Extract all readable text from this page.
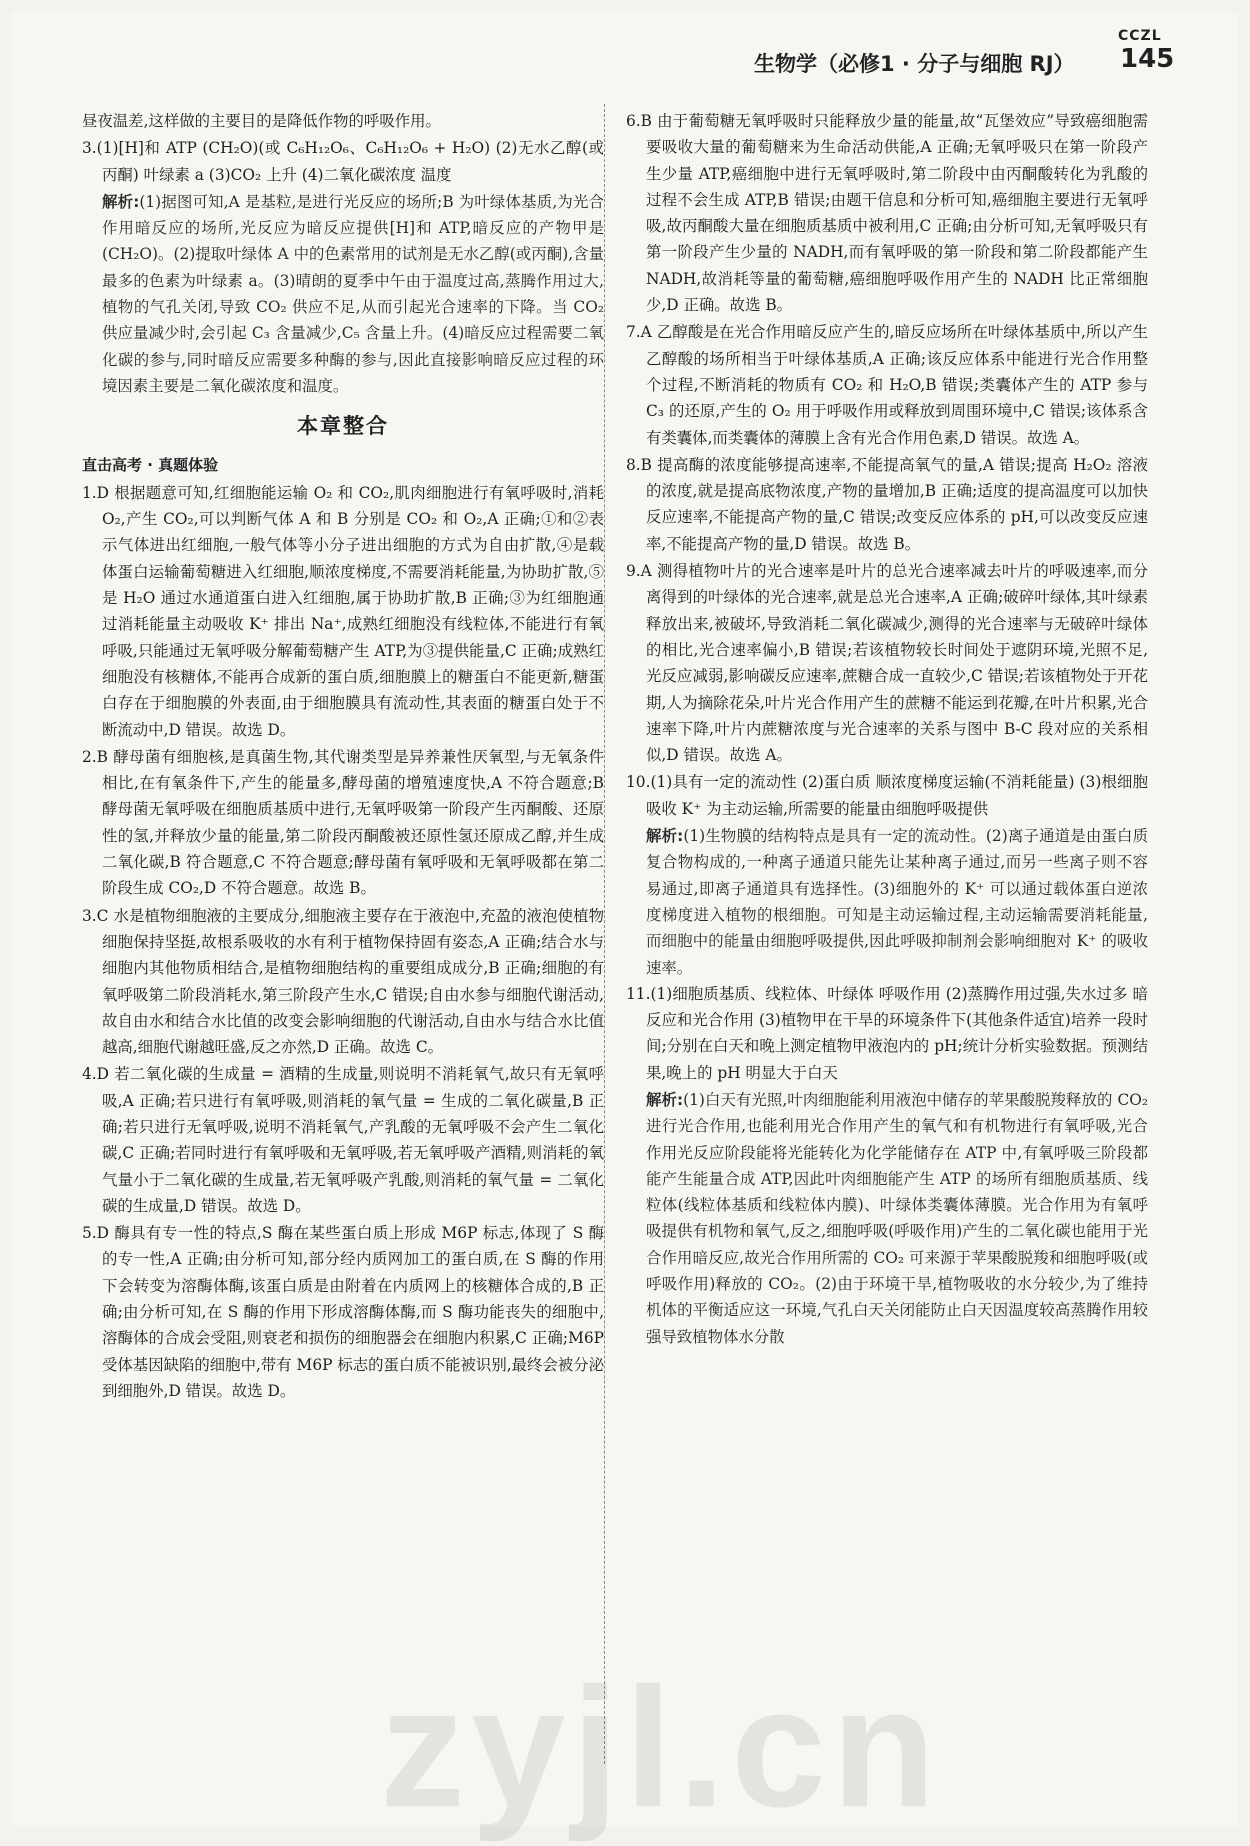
CCZL
生物学（必修1 · 分子与细胞 RJ） 145
昼夜温差,这样做的主要目的是降低作物的呼吸作用。
3.(1)[H]和 ATP (CH₂O)(或 C₆H₁₂O₆、C₆H₁₂O₆ + H₂O) (2)无水乙醇(或丙酮) 叶绿素 a (3)CO₂ 上升 (4)二氧化碳浓度 温度
解析:(1)据图可知,A 是基粒,是进行光反应的场所;B 为叶绿体基质,为光合作用暗反应的场所,光反应为暗反应提供[H]和 ATP,暗反应的产物甲是(CH₂O)。(2)提取叶绿体 A 中的色素常用的试剂是无水乙醇(或丙酮),含量最多的色素为叶绿素 a。(3)晴朗的夏季中午由于温度过高,蒸腾作用过大,植物的气孔关闭,导致 CO₂ 供应不足,从而引起光合速率的下降。当 CO₂ 供应量减少时,会引起 C₃ 含量减少,C₅ 含量上升。(4)暗反应过程需要二氧化碳的参与,同时暗反应需要多种酶的参与,因此直接影响暗反应过程的环境因素主要是二氧化碳浓度和温度。
本章整合
直击高考 · 真题体验
1.D 根据题意可知,红细胞能运输 O₂ 和 CO₂,肌肉细胞进行有氧呼吸时,消耗 O₂,产生 CO₂,可以判断气体 A 和 B 分别是 CO₂ 和 O₂,A 正确;①和②表示气体进出红细胞,一般气体等小分子进出细胞的方式为自由扩散,④是载体蛋白运输葡萄糖进入红细胞,顺浓度梯度,不需要消耗能量,为协助扩散,⑤是 H₂O 通过水通道蛋白进入红细胞,属于协助扩散,B 正确;③为红细胞通过消耗能量主动吸收 K⁺ 排出 Na⁺,成熟红细胞没有线粒体,不能进行有氧呼吸,只能通过无氧呼吸分解葡萄糖产生 ATP,为③提供能量,C 正确;成熟红细胞没有核糖体,不能再合成新的蛋白质,细胞膜上的糖蛋白不能更新,糖蛋白存在于细胞膜的外表面,由于细胞膜具有流动性,其表面的糖蛋白处于不断流动中,D 错误。故选 D。
2.B 酵母菌有细胞核,是真菌生物,其代谢类型是异养兼性厌氧型,与无氧条件相比,在有氧条件下,产生的能量多,酵母菌的增殖速度快,A 不符合题意;B 酵母菌无氧呼吸在细胞质基质中进行,无氧呼吸第一阶段产生丙酮酸、还原性的氢,并释放少量的能量,第二阶段丙酮酸被还原性氢还原成乙醇,并生成二氧化碳,B 符合题意,C 不符合题意;酵母菌有氧呼吸和无氧呼吸都在第二阶段生成 CO₂,D 不符合题意。故选 B。
3.C 水是植物细胞液的主要成分,细胞液主要存在于液泡中,充盈的液泡使植物细胞保持坚挺,故根系吸收的水有利于植物保持固有姿态,A 正确;结合水与细胞内其他物质相结合,是植物细胞结构的重要组成成分,B 正确;细胞的有氧呼吸第二阶段消耗水,第三阶段产生水,C 错误;自由水参与细胞代谢活动,故自由水和结合水比值的改变会影响细胞的代谢活动,自由水与结合水比值越高,细胞代谢越旺盛,反之亦然,D 正确。故选 C。
4.D 若二氧化碳的生成量 = 酒精的生成量,则说明不消耗氧气,故只有无氧呼吸,A 正确;若只进行有氧呼吸,则消耗的氧气量 = 生成的二氧化碳量,B 正确;若只进行无氧呼吸,说明不消耗氧气,产乳酸的无氧呼吸不会产生二氧化碳,C 正确;若同时进行有氧呼吸和无氧呼吸,若无氧呼吸产酒精,则消耗的氧气量小于二氧化碳的生成量,若无氧呼吸产乳酸,则消耗的氧气量 = 二氧化碳的生成量,D 错误。故选 D。
5.D 酶具有专一性的特点,S 酶在某些蛋白质上形成 M6P 标志,体现了 S 酶的专一性,A 正确;由分析可知,部分经内质网加工的蛋白质,在 S 酶的作用下会转变为溶酶体酶,该蛋白质是由附着在内质网上的核糖体合成的,B 正确;由分析可知,在 S 酶的作用下形成溶酶体酶,而 S 酶功能丧失的细胞中,溶酶体的合成会受阻,则衰老和损伤的细胞器会在细胞内积累,C 正确;M6P 受体基因缺陷的细胞中,带有 M6P 标志的蛋白质不能被识别,最终会被分泌到细胞外,D 错误。故选 D。
6.B 由于葡萄糖无氧呼吸时只能释放少量的能量,故“瓦堡效应”导致癌细胞需要吸收大量的葡萄糖来为生命活动供能,A 正确;无氧呼吸只在第一阶段产生少量 ATP,癌细胞中进行无氧呼吸时,第二阶段中由丙酮酸转化为乳酸的过程不会生成 ATP,B 错误;由题干信息和分析可知,癌细胞主要进行无氧呼吸,故丙酮酸大量在细胞质基质中被利用,C 正确;由分析可知,无氧呼吸只有第一阶段产生少量的 NADH,而有氧呼吸的第一阶段和第二阶段都能产生 NADH,故消耗等量的葡萄糖,癌细胞呼吸作用产生的 NADH 比正常细胞少,D 正确。故选 B。
7.A 乙醇酸是在光合作用暗反应产生的,暗反应场所在叶绿体基质中,所以产生乙醇酸的场所相当于叶绿体基质,A 正确;该反应体系中能进行光合作用整个过程,不断消耗的物质有 CO₂ 和 H₂O,B 错误;类囊体产生的 ATP 参与 C₃ 的还原,产生的 O₂ 用于呼吸作用或释放到周围环境中,C 错误;该体系含有类囊体,而类囊体的薄膜上含有光合作用色素,D 错误。故选 A。
8.B 提高酶的浓度能够提高速率,不能提高氧气的量,A 错误;提高 H₂O₂ 溶液的浓度,就是提高底物浓度,产物的量增加,B 正确;适度的提高温度可以加快反应速率,不能提高产物的量,C 错误;改变反应体系的 pH,可以改变反应速率,不能提高产物的量,D 错误。故选 B。
9.A 测得植物叶片的光合速率是叶片的总光合速率减去叶片的呼吸速率,而分离得到的叶绿体的光合速率,就是总光合速率,A 正确;破碎叶绿体,其叶绿素释放出来,被破坏,导致消耗二氧化碳减少,测得的光合速率与无破碎叶绿体的相比,光合速率偏小,B 错误;若该植物较长时间处于遮阴环境,光照不足,光反应减弱,影响碳反应速率,蔗糖合成一直较少,C 错误;若该植物处于开花期,人为摘除花朵,叶片光合作用产生的蔗糖不能运到花瓣,在叶片积累,光合速率下降,叶片内蔗糖浓度与光合速率的关系与图中 B-C 段对应的关系相似,D 错误。故选 A。
10.(1)具有一定的流动性 (2)蛋白质 顺浓度梯度运输(不消耗能量) (3)根细胞吸收 K⁺ 为主动运输,所需要的能量由细胞呼吸提供
解析:(1)生物膜的结构特点是具有一定的流动性。(2)离子通道是由蛋白质复合物构成的,一种离子通道只能先让某种离子通过,而另一些离子则不容易通过,即离子通道具有选择性。(3)细胞外的 K⁺ 可以通过载体蛋白逆浓度梯度进入植物的根细胞。可知是主动运输过程,主动运输需要消耗能量,而细胞中的能量由细胞呼吸提供,因此呼吸抑制剂会影响细胞对 K⁺ 的吸收速率。
11.(1)细胞质基质、线粒体、叶绿体 呼吸作用 (2)蒸腾作用过强,失水过多 暗反应和光合作用 (3)植物甲在干旱的环境条件下(其他条件适宜)培养一段时间;分别在白天和晚上测定植物甲液泡内的 pH;统计分析实验数据。预测结果,晚上的 pH 明显大于白天
解析:(1)白天有光照,叶肉细胞能利用液泡中储存的苹果酸脱羧释放的 CO₂ 进行光合作用,也能利用光合作用产生的氧气和有机物进行有氧呼吸,光合作用光反应阶段能将光能转化为化学能储存在 ATP 中,有氧呼吸三阶段都能产生能量合成 ATP,因此叶肉细胞能产生 ATP 的场所有细胞质基质、线粒体(线粒体基质和线粒体内膜)、叶绿体类囊体薄膜。光合作用为有氧呼吸提供有机物和氧气,反之,细胞呼吸(呼吸作用)产生的二氧化碳也能用于光合作用暗反应,故光合作用所需的 CO₂ 可来源于苹果酸脱羧和细胞呼吸(或呼吸作用)释放的 CO₂。(2)由于环境干旱,植物吸收的水分较少,为了维持机体的平衡适应这一环境,气孔白天关闭能防止白天因温度较高蒸腾作用较强导致植物体水分散
